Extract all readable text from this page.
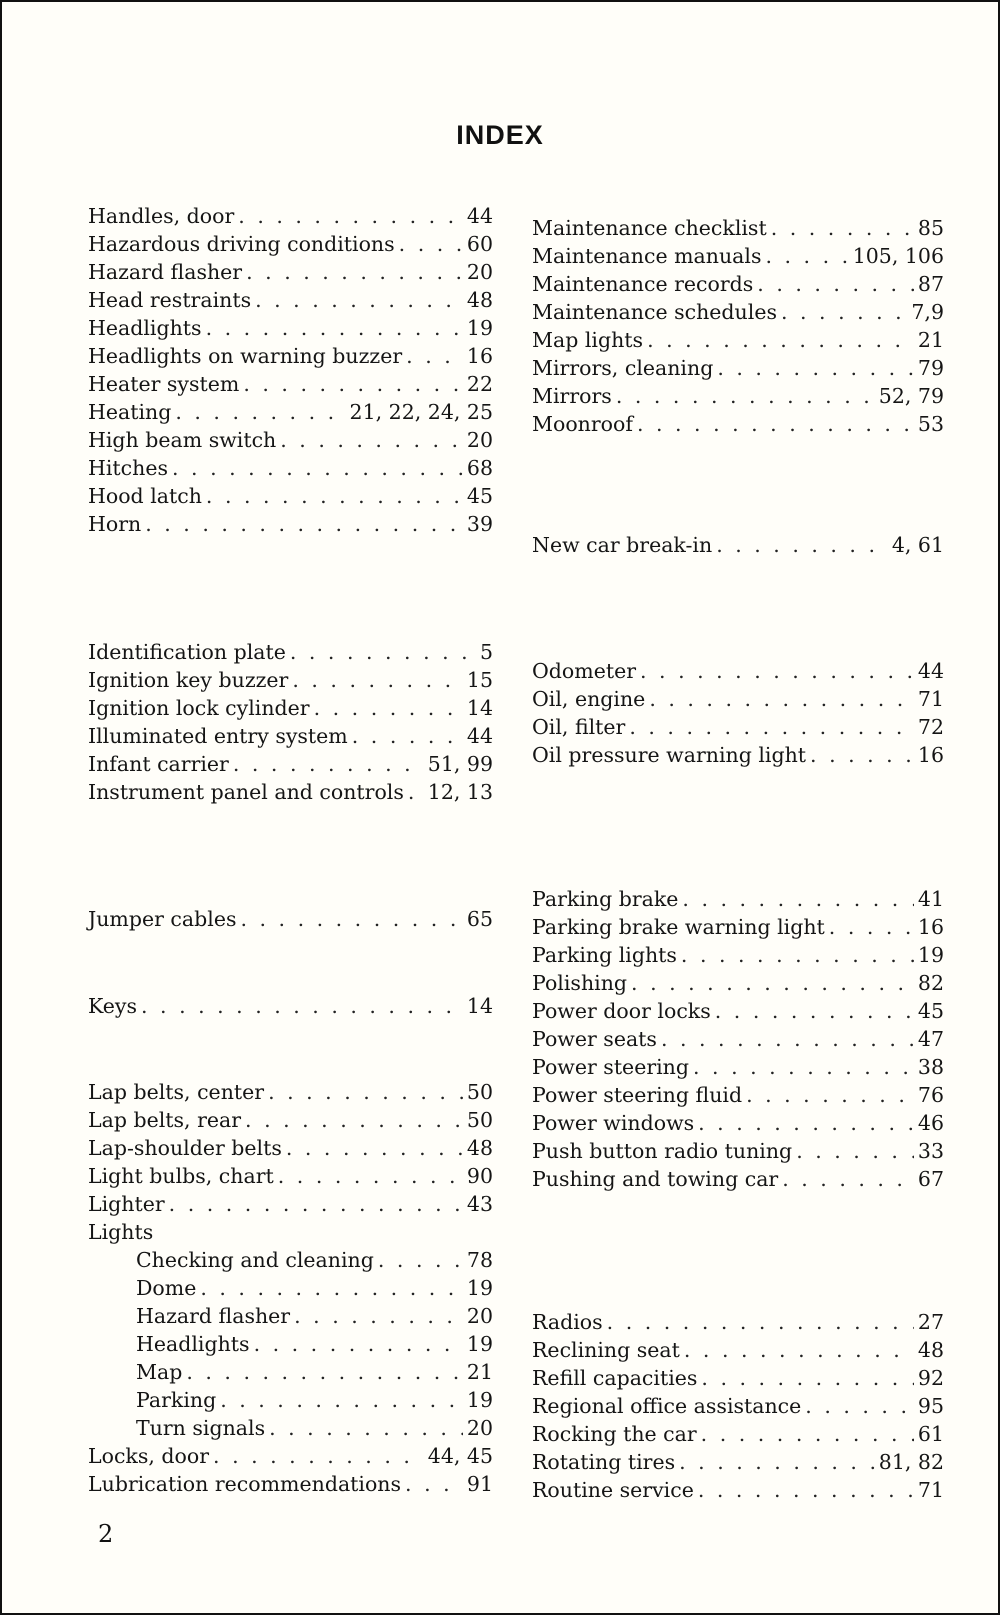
INDEX
Handles, door . . .	44
Hazardous driving conditions . . .	60
Hazard flasher . . .	20
Head restraints . . .	48
Headlights . . .	19
Headlights on warning buzzer . . .	16
Heater system . . .	22
Heating . . .	21, 22, 24, 25
High beam switch . . .	20
Hitches . . .	68
Hood latch . . .	45
Horn . . .	39
Identification plate . . .	5
Ignition key buzzer . . .	15
Ignition lock cylinder . . .	14
Illuminated entry system . . .	44
Infant carrier . . .	51, 99
Instrument panel and controls . . . 12, 13
Jumper cables . . .	65
Keys . . .	14
Lap belts, center . . .	50
Lap belts, rear . . .	50
Lap-shoulder belts . . .	48
Light bulbs, chart . . .	90
Lighter . . .	43
Lights
Checking and cleaning . . .	78
Dome . . .	19
Hazard flasher . . .	20
Headlights . . .	19
Map . . .	21
Parking . . .	19
Turn signals . . .	20
Locks, door . . .	44, 45
Lubrication recommendations . . .	91
Maintenance checklist . . .	85
Maintenance manuals . . .	105, 106
Maintenance records . . .	87
Maintenance schedules . . .	7,9
Map lights . . .	21
Mirrors, cleaning . . .	79
Mirrors . . .	52, 79
Moonroof . . .	53
New car break-in . . .	4, 61
Odometer . . .	44
Oil, engine . . .	71
Oil, filter . . .	72
Oil pressure warning light . . .	16
Parking brake . . .	41
Parking brake warning light . . .	16
Parking lights . . .	19
Polishing . . .	82
Power door locks . . .	45
Power seats . . .	47
Power steering . . .	38
Power steering fluid . . .	76
Power windows . . .	46
Push button radio tuning . . .	33
Pushing and towing car . . .	67
Radios . . .	27
Reclining seat . . .	48
Refill capacities . . .	92
Regional office assistance . . .	95
Rocking the car . . .	61
Rotating tires . . .	81, 82
Routine service . . .	71
2
